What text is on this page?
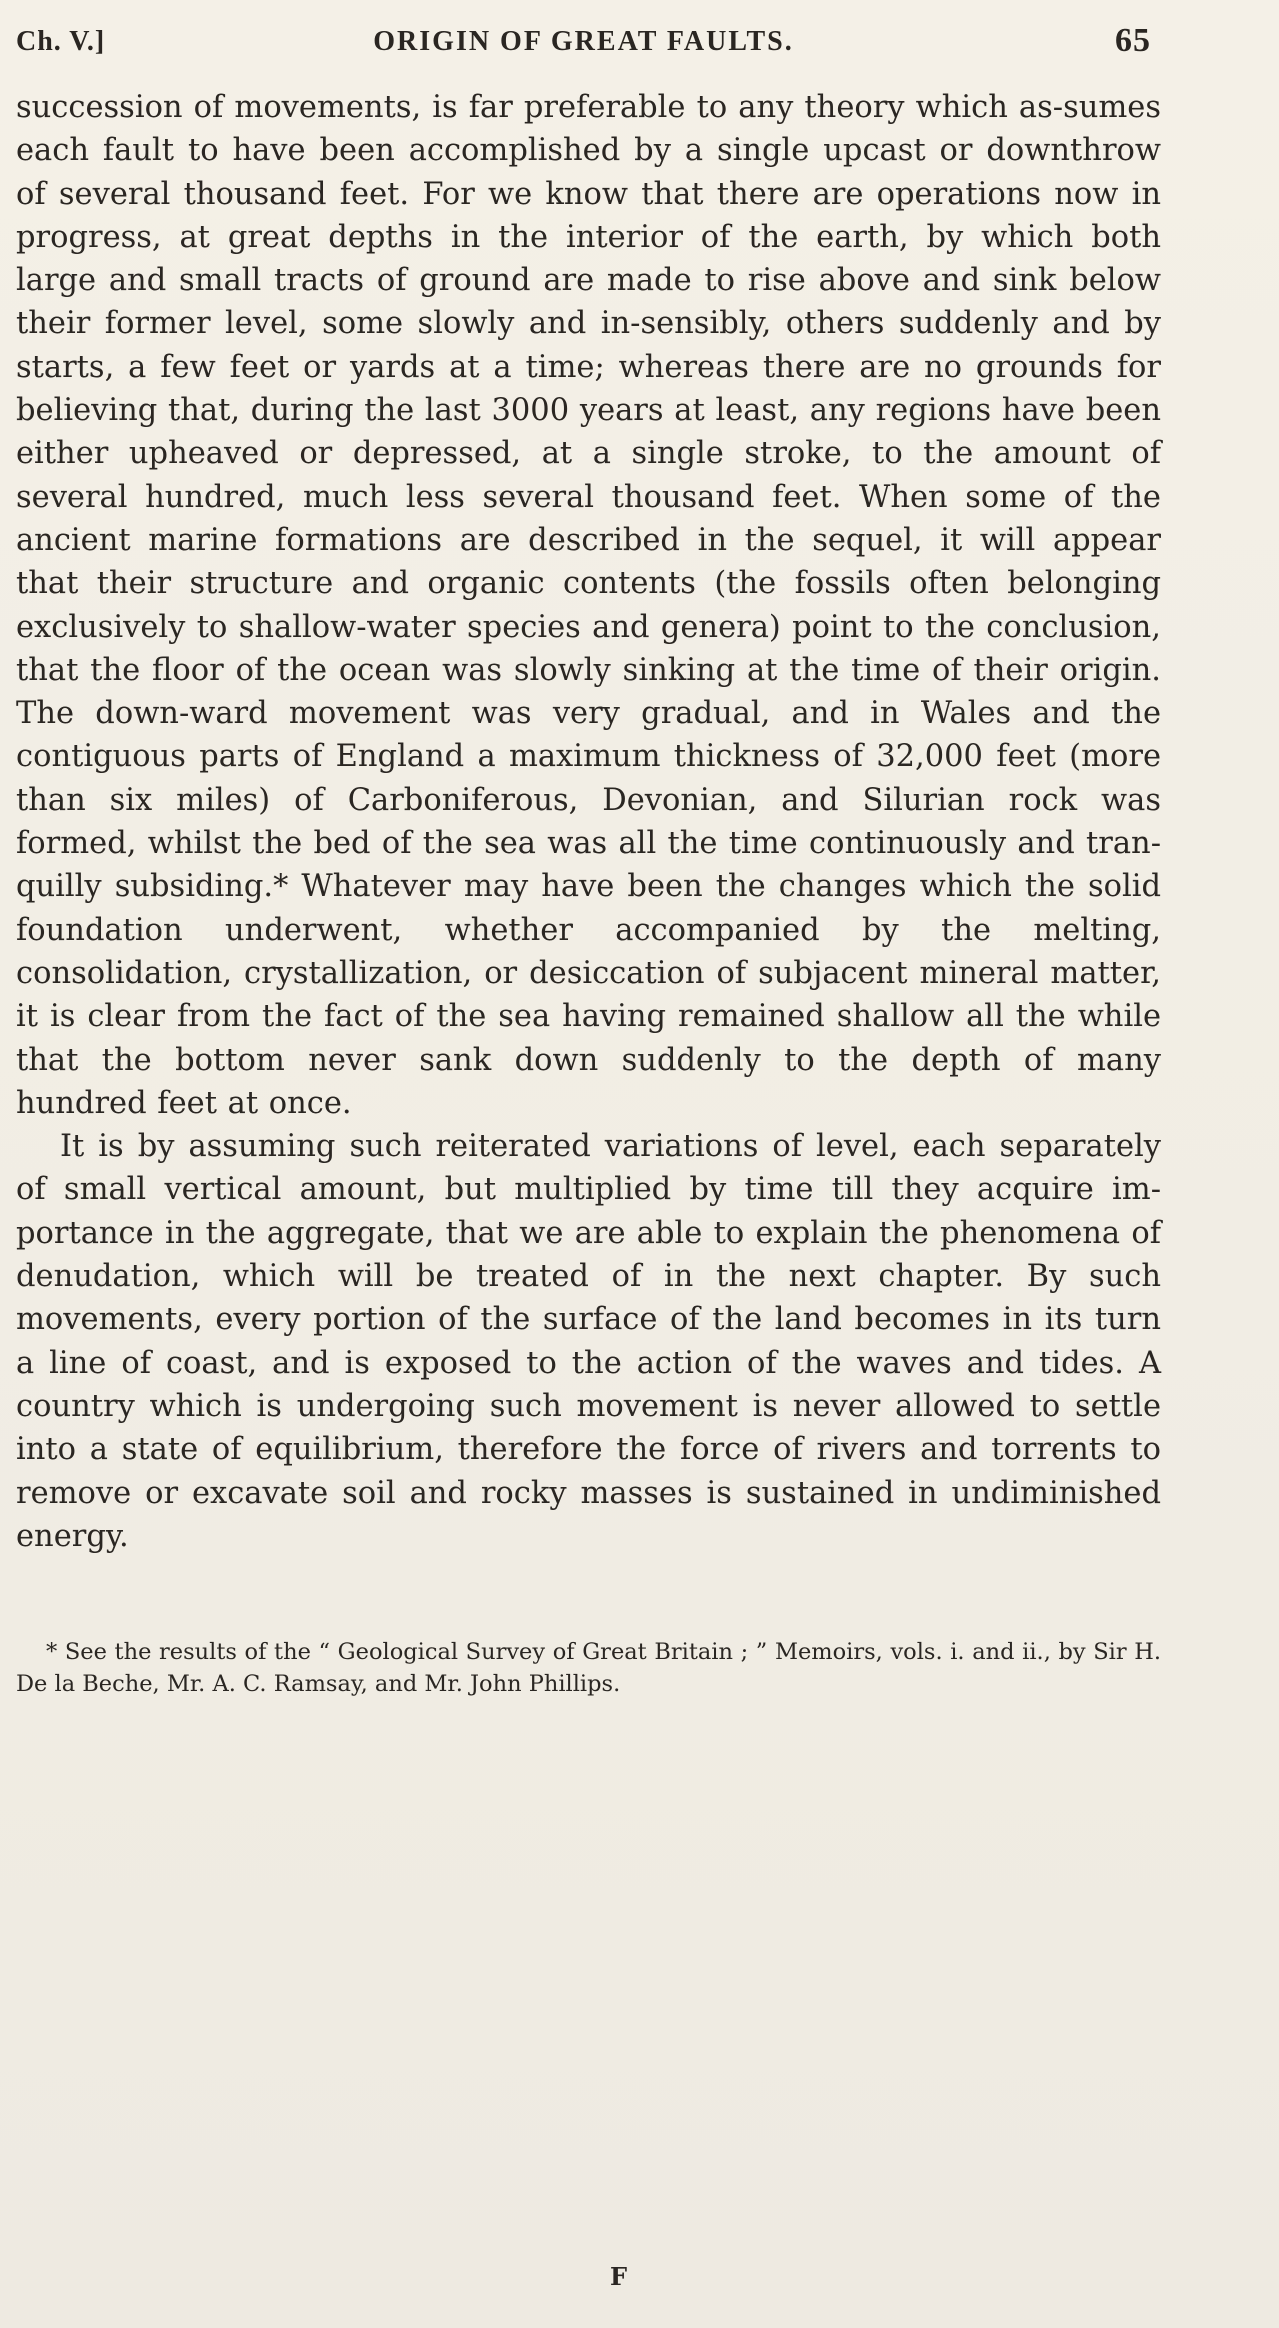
Ch. V.]	ORIGIN OF GREAT FAULTS.	65

succession of movements, is far preferable to any theory which as-sumes each fault to have been accomplished by a single upcast or downthrow of several thousand feet. For we know that there are operations now in progress, at great depths in the interior of the earth, by which both large and small tracts of ground are made to rise above and sink below their former level, some slowly and in-sensibly, others suddenly and by starts, a few feet or yards at a time; whereas there are no grounds for believing that, during the last 3000 years at least, any regions have been either upheaved or depressed, at a single stroke, to the amount of several hundred, much less several thousand feet. When some of the ancient marine formations are described in the sequel, it will appear that their structure and organic contents (the fossils often belonging exclusively to shallow-water species and genera) point to the conclusion, that the floor of the ocean was slowly sinking at the time of their origin. The down-ward movement was very gradual, and in Wales and the contiguous parts of England a maximum thickness of 32,000 feet (more than six miles) of Carboniferous, Devonian, and Silurian rock was formed, whilst the bed of the sea was all the time continuously and tran-quilly subsiding.* Whatever may have been the changes which the solid foundation underwent, whether accompanied by the melting, consolidation, crystallization, or desiccation of subjacent mineral matter, it is clear from the fact of the sea having remained shallow all the while that the bottom never sank down suddenly to the depth of many hundred feet at once.

It is by assuming such reiterated variations of level, each separately of small vertical amount, but multiplied by time till they acquire im-portance in the aggregate, that we are able to explain the phenomena of denudation, which will be treated of in the next chapter. By such movements, every portion of the surface of the land becomes in its turn a line of coast, and is exposed to the action of the waves and tides. A country which is undergoing such movement is never allowed to settle into a state of equilibrium, therefore the force of rivers and torrents to remove or excavate soil and rocky masses is sustained in undiminished energy.

* See the results of the “ Geological Survey of Great Britain ; ” Memoirs, vols. i. and ii., by Sir H. De la Beche, Mr. A. C. Ramsay, and Mr. John Phillips.

F
